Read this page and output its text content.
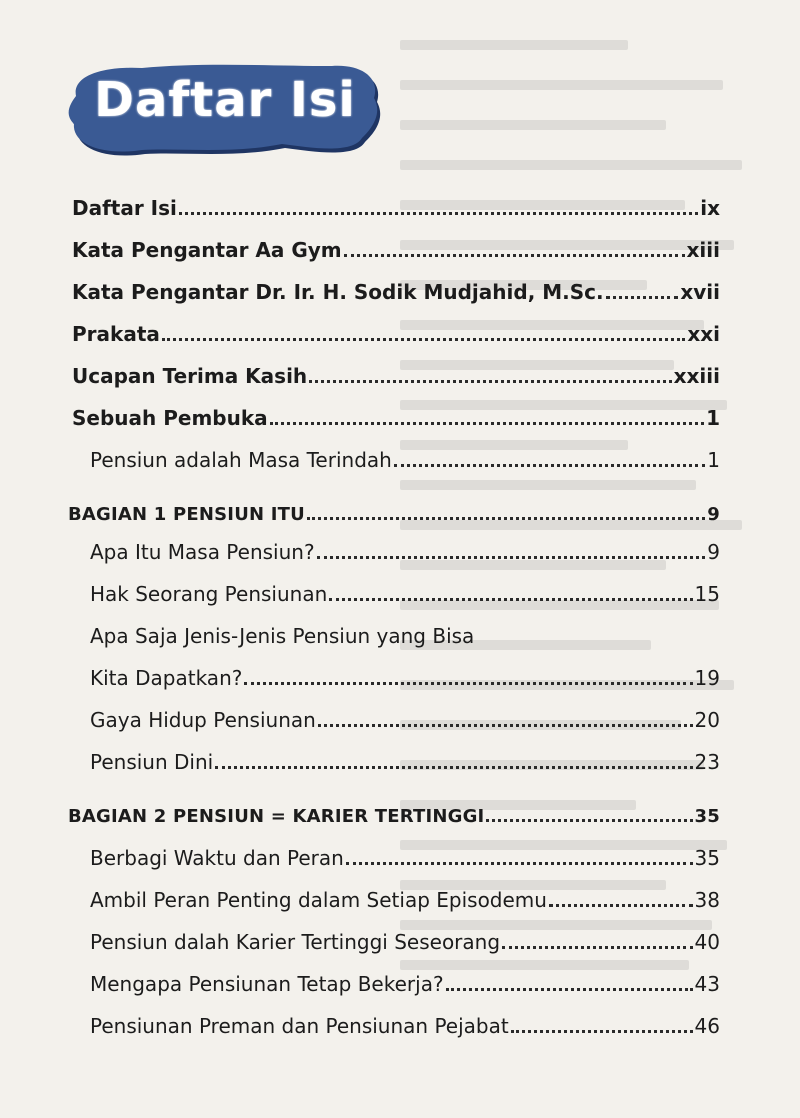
Daftar Isi
Daftar Isi	ix
Kata Pengantar Aa Gym	xiii
Kata Pengantar Dr. Ir. H. Sodik Mudjahid, M.Sc.	xvii
Prakata	xxi
Ucapan Terima Kasih	xxiii
Sebuah Pembuka	1
Pensiun adalah Masa Terindah	1
BAGIAN 1 PENSIUN ITU	9
Apa Itu Masa Pensiun?	9
Hak Seorang Pensiunan	15
Apa Saja Jenis-Jenis Pensiun yang Bisa
Kita Dapatkan?	19
Gaya Hidup Pensiunan	20
Pensiun Dini	23
BAGIAN 2 PENSIUN = KARIER TERTINGGI	35
Berbagi Waktu dan Peran	35
Ambil Peran Penting dalam Setiap Episodemu	38
Pensiun dalah Karier Tertinggi Seseorang	40
Mengapa Pensiunan Tetap Bekerja?	43
Pensiunan Preman dan Pensiunan Pejabat	46
